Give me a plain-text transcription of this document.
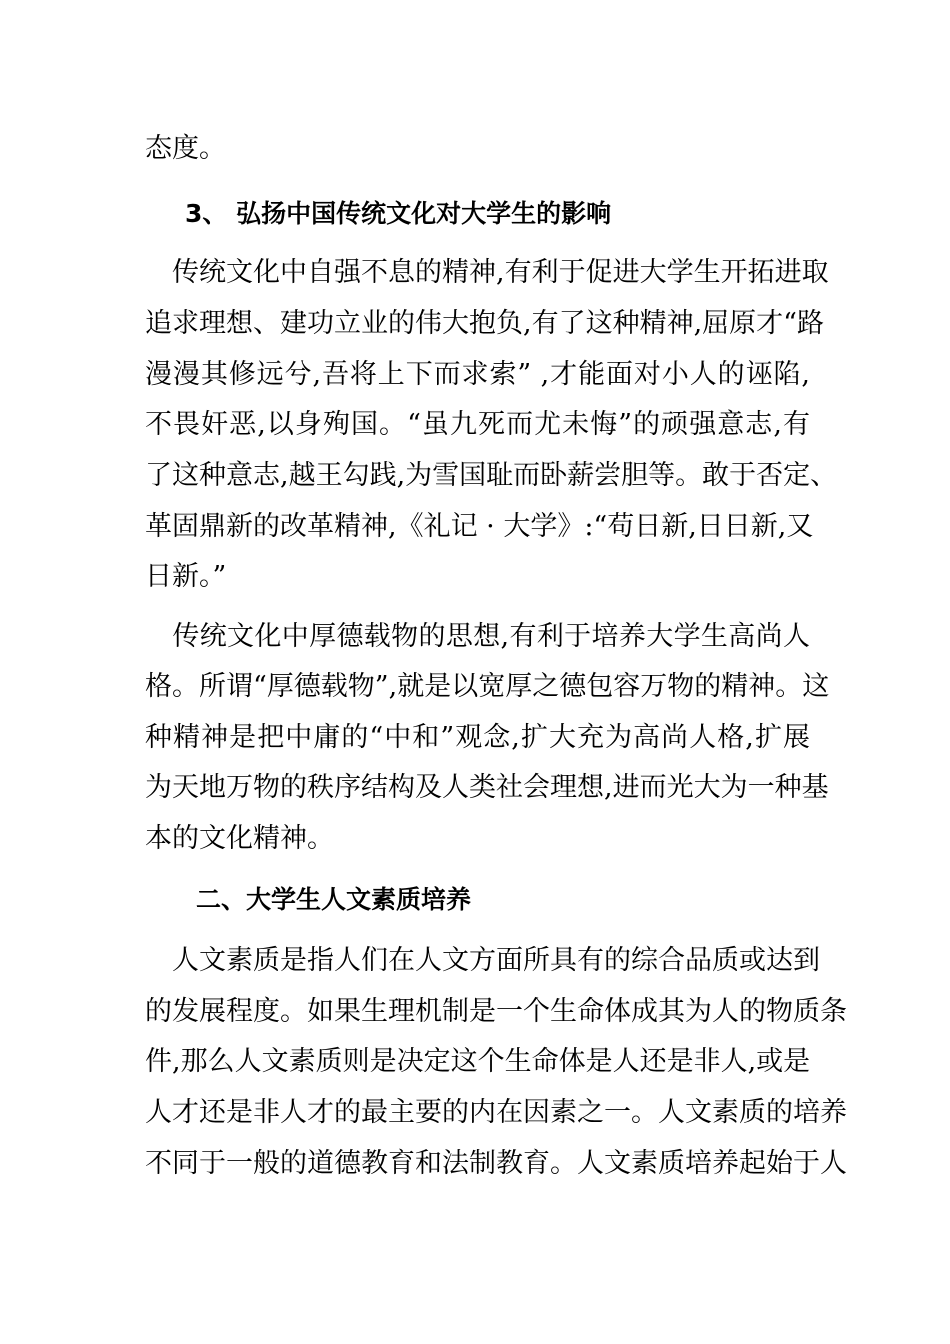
态度。
3、 弘扬中国传统文化对大学生的影响
　传统文化中自强不息的精神,有利于促进大学生开拓进取
追求理想、建功立业的伟大抱负,有了这种精神,屈原才“路
漫漫其修远兮,吾将上下而求索” ,才能面对小人的诬陷,
不畏奸恶,以身殉国。“虽九死而尤未悔”的顽强意志,有
了这种意志,越王勾践,为雪国耻而卧薪尝胆等。敢于否定、
革固鼎新的改革精神,《礼记 · 大学》:“苟日新,日日新,又
日新。”
　传统文化中厚德载物的思想,有利于培养大学生高尚人
格。所谓“厚德载物”,就是以宽厚之德包容万物的精神。这
种精神是把中庸的“中和”观念,扩大充为高尚人格,扩展
为天地万物的秩序结构及人类社会理想,进而光大为一种基
本的文化精神。
二、大学生人文素质培养
　人文素质是指人们在人文方面所具有的综合品质或达到
的发展程度。如果生理机制是一个生命体成其为人的物质条
件,那么人文素质则是决定这个生命体是人还是非人,或是
人才还是非人才的最主要的内在因素之一。人文素质的培养
不同于一般的道德教育和法制教育。人文素质培养起始于人
